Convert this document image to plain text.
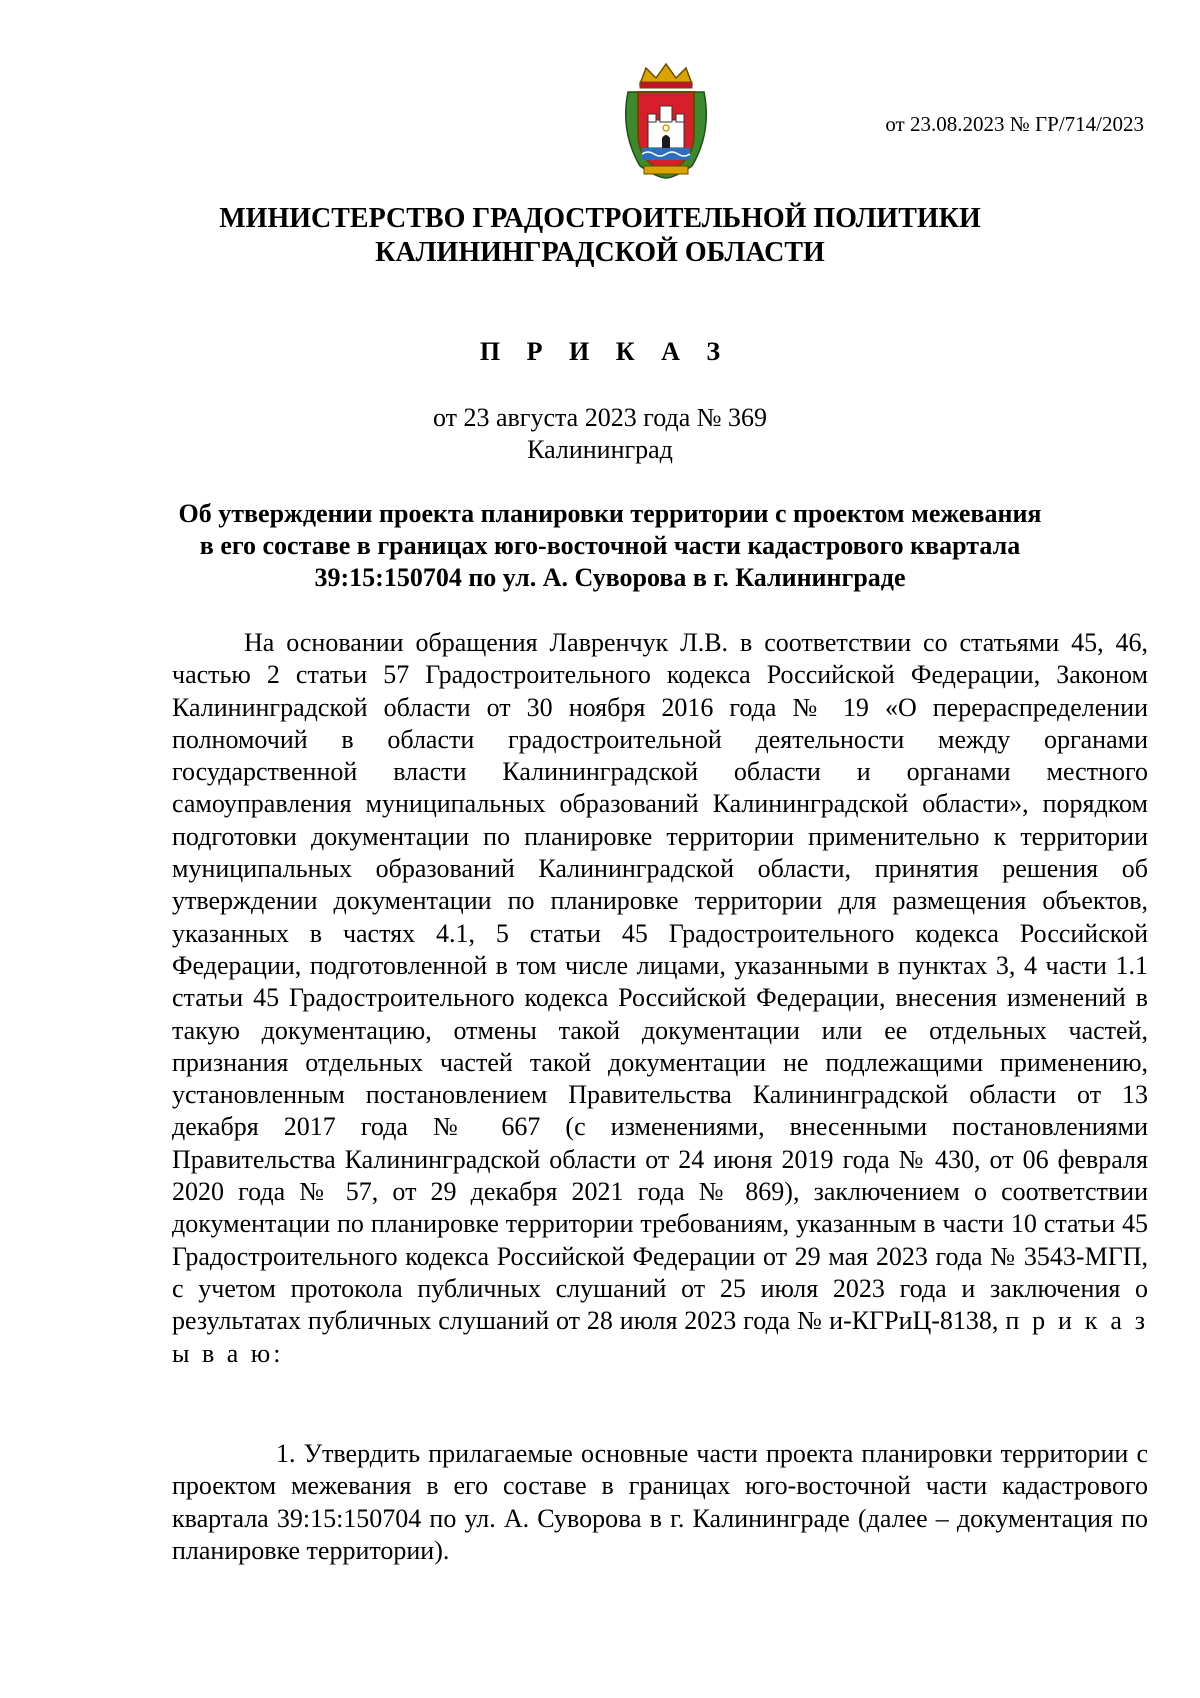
от 23.08.2023 № ГР/714/2023
МИНИСТЕРСТВО ГРАДОСТРОИТЕЛЬНОЙ ПОЛИТИКИ
КАЛИНИНГРАДСКОЙ ОБЛАСТИ
П Р И К А З
от 23 августа 2023 года № 369
Калининград
Об утверждении проекта планировки территории с проектом межевания
в его составе в границах юго-восточной части кадастрового квартала
39:15:150704 по ул. А. Суворова в г. Калининграде
На основании обращения Лавренчук Л.В. в соответствии со статьями 45, 46, частью 2 статьи 57 Градостроительного кодекса Российской Федерации, Законом Калининградской области от 30 ноября 2016 года № 19 «О перераспределении полномочий в области градостроительной деятельности между органами государственной власти Калининградской области и органами местного самоуправления муниципальных образований Калининградской области», порядком подготовки документации по планировке территории применительно к территории муниципальных образований Калининградской области, принятия решения об утверждении документации по планировке территории для размещения объектов, указанных в частях 4.1, 5 статьи 45 Градостроительного кодекса Российской Федерации, подготовленной в том числе лицами, указанными в пунктах 3, 4 части 1.1 статьи 45 Градостроительного кодекса Российской Федерации, внесения изменений в такую документацию, отмены такой документации или ее отдельных частей, признания отдельных частей такой документации не подлежащими применению, установленным постановлением Правительства Калининградской области от 13 декабря 2017 года № 667 (с изменениями, внесенными постановлениями Правительства Калининградской области от 24 июня 2019 года № 430, от 06 февраля 2020 года № 57, от 29 декабря 2021 года № 869), заключением о соответствии документации по планировке территории требованиям, указанным в части 10 статьи 45 Градостроительного кодекса Российской Федерации от 29 мая 2023 года № 3543-МГП, с учетом протокола публичных слушаний от 25 июля 2023 года и заключения о результатах публичных слушаний от 28 июля 2023 года № и-КГРиЦ-8138, п р и к а з ы в а ю:
1. Утвердить прилагаемые основные части проекта планировки территории с проектом межевания в его составе в границах юго-восточной части кадастрового квартала 39:15:150704 по ул. А. Суворова в г. Калининграде (далее – документация по планировке территории).
